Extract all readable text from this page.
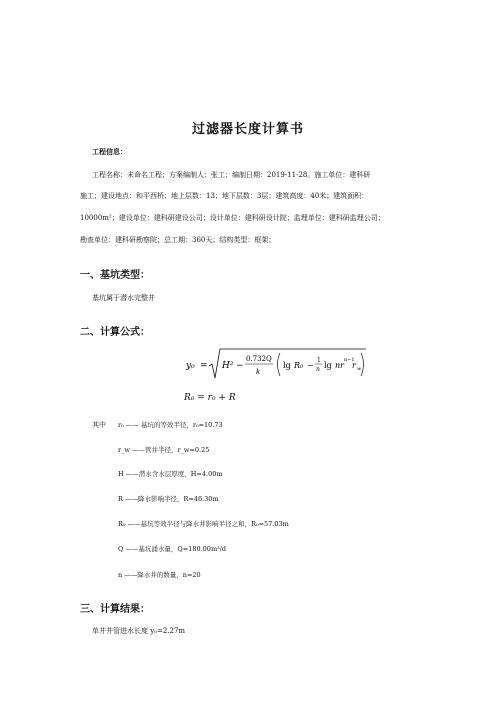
过滤器长度计算书
工程信息：
工程名称：未命名工程；方案编制人：张工；编制日期：2019-11-28。施工单位：建科研
施工；建设地点：和平西桥；地上层数：13；地下层数：3层；建筑高度：40米；建筑面积：
10000m²；建设单位：建科研建设公司；设计单位：建科研设计院；监理单位：建科研监理公司；
勘查单位：建科研勘察院；总工期：360天；结构类型：框架；
一、基坑类型：
基坑属于潜水完整井
二、计算公式：
y₀ = H² −
0.732Q
k
lg R₀ −
1
n lg nr
n−1
r w
R₀ = r₀ + R
其中 r₀ —— 基坑的等效半径，r₀=10.73
r_w ——管井半径，r_w=0.25
H ——潜水含水层厚度，H=4.00m
R ——降水影响半径，R=46.30m
R₀ ——基坑等效半径与降水井影响半径之和，R₀=57.03m
Q ——基坑涌水量，Q=180.00m³/d
n ——降水井的数量，n=20
三、计算结果：
单井井管进水长度 y₀=2.27m
